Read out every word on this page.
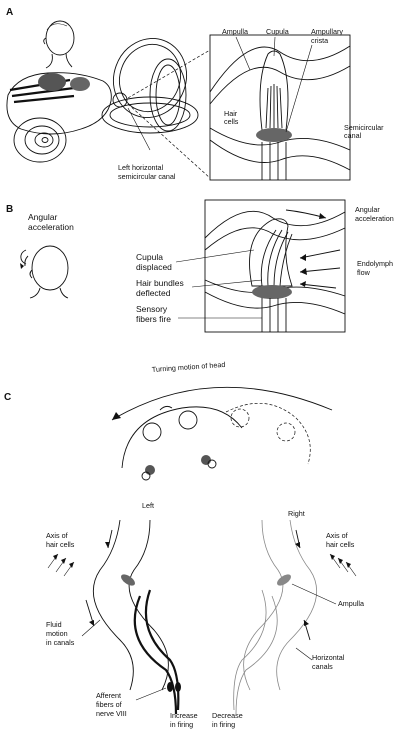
A
Left horizontal semicircular canal
Ampulla	Cupula	Ampullary
crista
Hair
cells
Semicircular
canal
B
Angular
acceleration
Angular
acceleration
Endolymph
flow
Cupula
displaced
Hair bundles
deflected
Sensory
fibers fire
C
Turning motion of head
Left
Right
Axis of
hair cells
Fluid
motion
in canals
Axis of
hair cells
Ampulla
Horizontal
canals
Afferent
fibers of
nerve VIII	Increase
in firing
Decrease
in firing
